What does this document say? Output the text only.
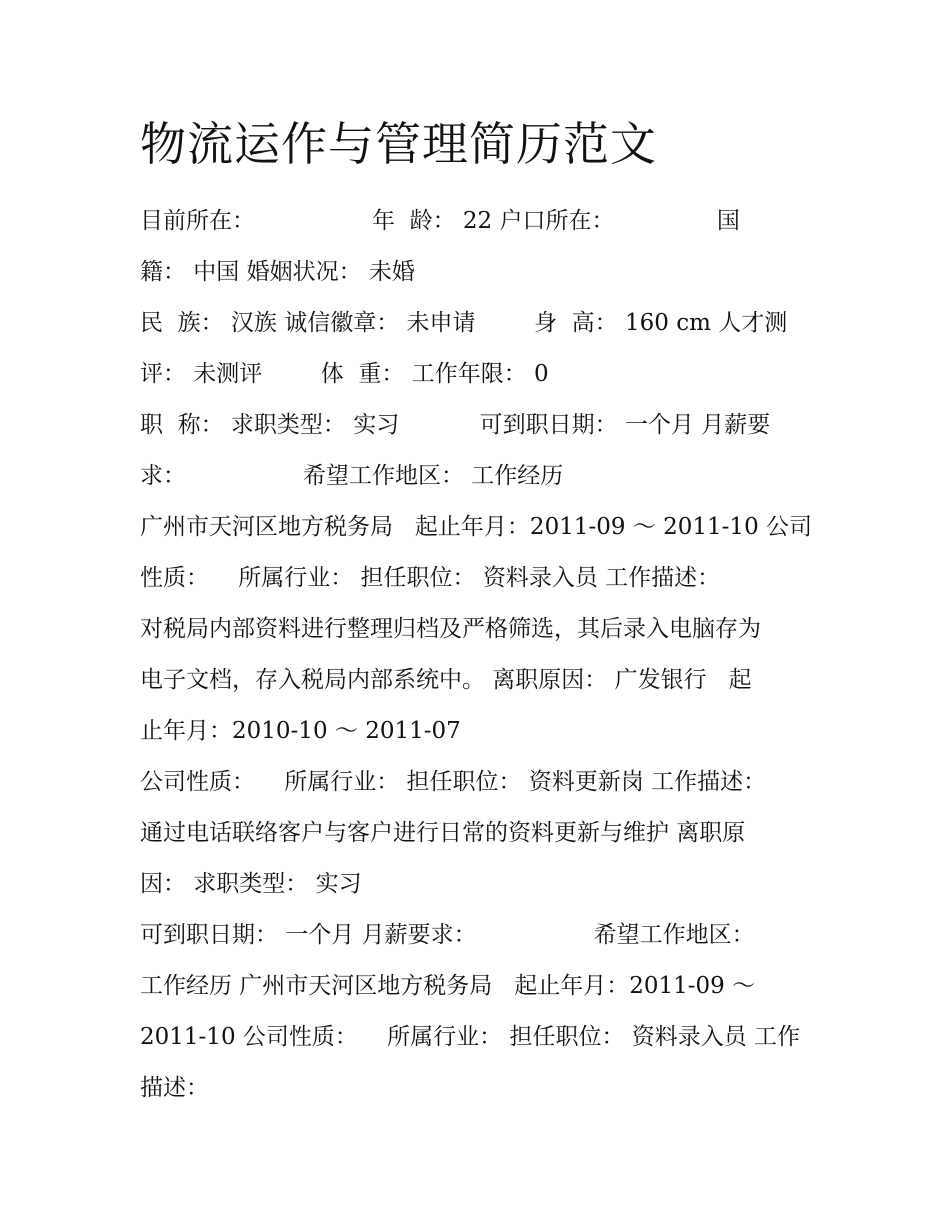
物流运作与管理简历范文

目前所在：                年  龄： 22 户口所在：              国

籍： 中国 婚姻状况： 未婚

民  族： 汉族 诚信徽章： 未申请        身  高： 160 cm 人才测

评： 未测评        体  重： 工作年限： 0

职  称： 求职类型： 实习           可到职日期： 一个月 月薪要

求：                希望工作地区： 工作经历

广州市天河区地方税务局   起止年月：2011-09 ～ 2011-10 公司

性质：    所属行业： 担任职位： 资料录入员 工作描述：

对税局内部资料进行整理归档及严格筛选，其后录入电脑存为

电子文档，存入税局内部系统中。 离职原因： 广发银行   起

止年月：2010-10 ～ 2011-07

公司性质：    所属行业： 担任职位： 资料更新岗 工作描述：

通过电话联络客户与客户进行日常的资料更新与维护 离职原

因： 求职类型： 实习

可到职日期： 一个月 月薪要求：                希望工作地区：

工作经历 广州市天河区地方税务局   起止年月：2011-09 ～

2011-10 公司性质：    所属行业： 担任职位： 资料录入员 工作

描述：
